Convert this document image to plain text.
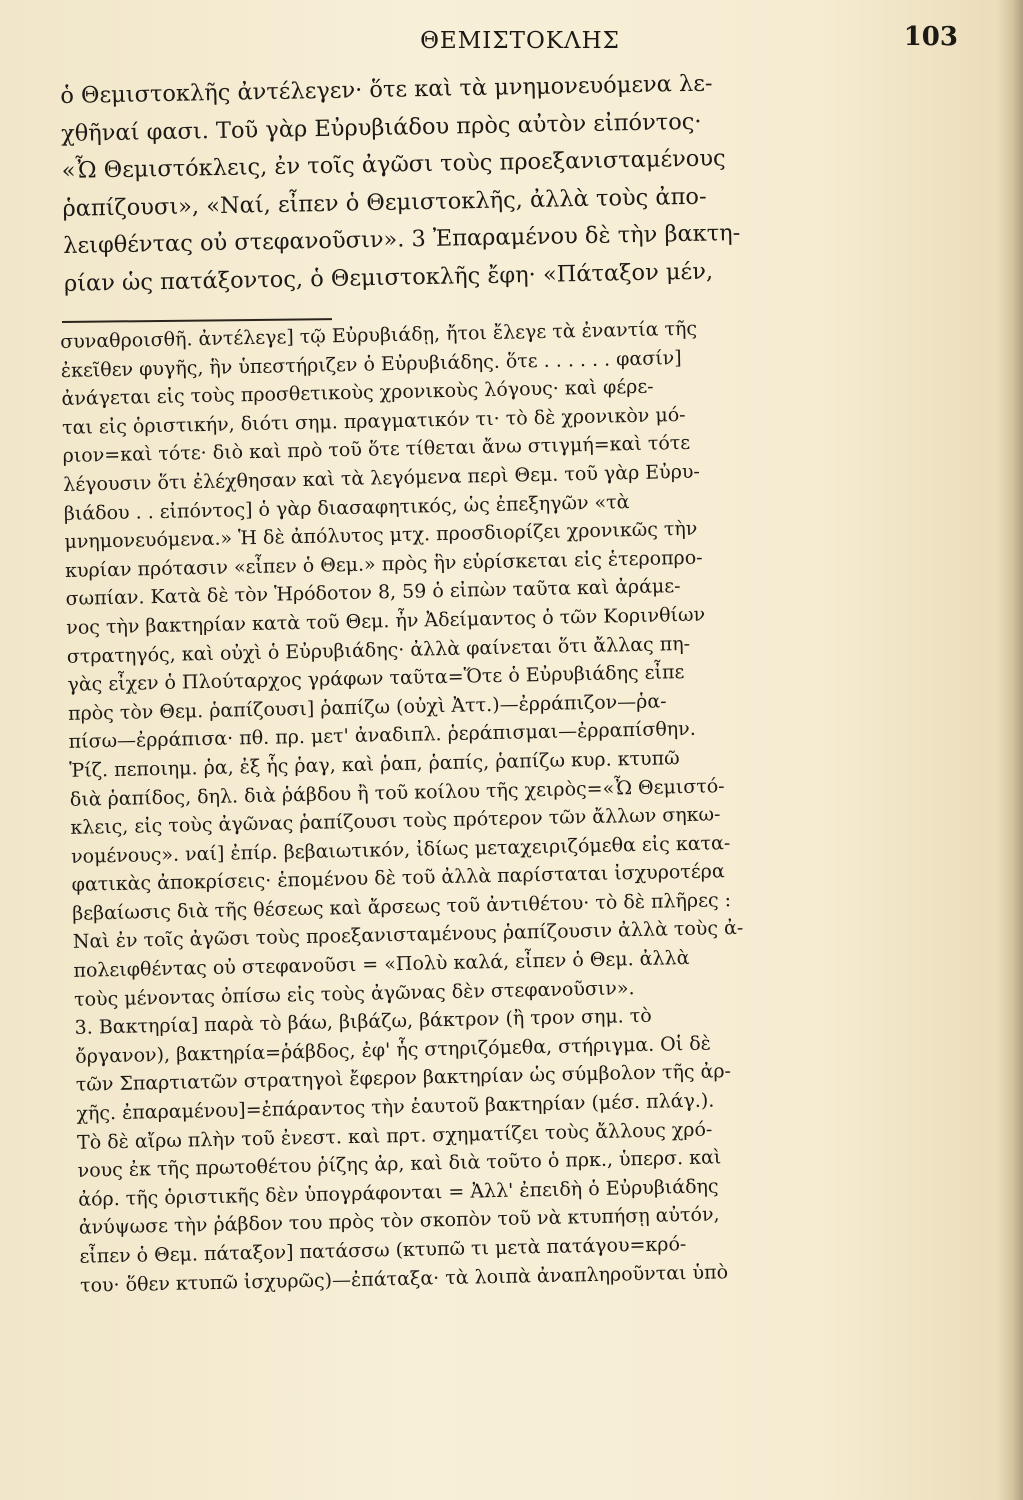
ΘΕΜΙΣΤΟΚΛΗΣ	103
ὁ Θεμιστοκλῆς ἀντέλεγεν· ὅτε καὶ τὰ μνημονευόμενα λε-
χθῆναί φασι. Τοῦ γὰρ Εὐρυβιάδου πρὸς αὐτὸν εἰπόντος·
«Ὦ Θεμιστόκλεις, ἐν τοῖς ἀγῶσι τοὺς προεξανισταμένους
ῥαπίζουσι», «Ναί, εἶπεν ὁ Θεμιστοκλῆς, ἀλλὰ τοὺς ἀπο-
λειφθέντας οὐ στεφανοῦσιν». 3 Ἐπαραμένου δὲ τὴν βακτη-
ρίαν ὡς πατάξοντος, ὁ Θεμιστοκλῆς ἔφη· «Πάταξον μέν,
συναθροισθῆ. ἀντέλεγε] τῷ Εὐρυβιάδῃ, ἤτοι ἔλεγε τὰ ἐναντία τῆς
ἐκεῖθεν φυγῆς, ἣν ὑπεστήριζεν ὁ Εὐρυβιάδης. ὅτε . . . . . . φασίν]
ἀνάγεται εἰς τοὺς προσθετικοὺς χρονικοὺς λόγους· καὶ φέρε-
ται εἰς ὁριστικήν, διότι σημ. πραγματικόν τι· τὸ δὲ χρονικὸν μό-
ριον=καὶ τότε· διὸ καὶ πρὸ τοῦ ὅτε τίθεται ἄνω στιγμή=καὶ τότε
λέγουσιν ὅτι ἐλέχθησαν καὶ τὰ λεγόμενα περὶ Θεμ. τοῦ γὰρ Εὐρυ-
βιάδου . . εἰπόντος] ὁ γὰρ διασαφητικός, ὡς ἐπεξηγῶν «τὰ
μνημονευόμενα.» Ἡ δὲ ἀπόλυτος μτχ. προσδιορίζει χρονικῶς τὴν
κυρίαν πρότασιν «εἶπεν ὁ Θεμ.» πρὸς ἣν εὑρίσκεται εἰς ἑτεροπρο-
σωπίαν. Κατὰ δὲ τὸν Ἡρόδοτον 8, 59 ὁ εἰπὼν ταῦτα καὶ ἀράμε-
νος τὴν βακτηρίαν κατὰ τοῦ Θεμ. ἦν Ἀδείμαντος ὁ τῶν Κορινθίων
στρατηγός, καὶ οὐχὶ ὁ Εὐρυβιάδης· ἀλλὰ φαίνεται ὅτι ἄλλας πη-
γὰς εἶχεν ὁ Πλούταρχος γράφων ταῦτα=Ὅτε ὁ Εὐρυβιάδης εἶπε
πρὸς τὸν Θεμ. ῥαπίζουσι] ῥαπίζω (οὐχὶ Ἀττ.)—ἐρράπιζον—ῥα-
πίσω—ἐρράπισα· πθ. πρ. μετ' ἀναδιπλ. ῥεράπισμαι—ἐρραπίσθην.
Ῥίζ. πεποιημ. ῥα, ἐξ ἧς ῥαγ, καὶ ῥαπ, ῥαπίς, ῥαπίζω κυρ. κτυπῶ
διὰ ῥαπίδος, δηλ. διὰ ῥάβδου ἢ τοῦ κοίλου τῆς χειρὸς=«Ὦ Θεμιστό-
κλεις, εἰς τοὺς ἀγῶνας ῥαπίζουσι τοὺς πρότερον τῶν ἄλλων σηκω-
νομένους». ναί] ἐπίρ. βεβαιωτικόν, ἰδίως μεταχειριζόμεθα εἰς κατα-
φατικὰς ἀποκρίσεις· ἑπομένου δὲ τοῦ ἀλλὰ παρίσταται ἰσχυροτέρα
βεβαίωσις διὰ τῆς θέσεως καὶ ἄρσεως τοῦ ἀντιθέτου· τὸ δὲ πλῆρες :
Ναὶ ἐν τοῖς ἀγῶσι τοὺς προεξανισταμένους ῥαπίζουσιν ἀλλὰ τοὺς ἀ-
πολειφθέντας οὐ στεφανοῦσι = «Πολὺ καλά, εἶπεν ὁ Θεμ. ἀλλὰ
τοὺς μένοντας ὀπίσω εἰς τοὺς ἀγῶνας δὲν στεφανοῦσιν».
3. Βακτηρία] παρὰ τὸ βάω, βιβάζω, βάκτρον (ἢ τρον σημ. τὸ
ὄργανον), βακτηρία=ῥάβδος, ἐφ' ἧς στηριζόμεθα, στήριγμα. Οἱ δὲ
τῶν Σπαρτιατῶν στρατηγοὶ ἔφερον βακτηρίαν ὡς σύμβολον τῆς ἀρ-
χῆς. ἐπαραμένου]=ἐπάραντος τὴν ἑαυτοῦ βακτηρίαν (μέσ. πλάγ.).
Τὸ δὲ αἴρω πλὴν τοῦ ἐνεστ. καὶ πρτ. σχηματίζει τοὺς ἄλλους χρό-
νους ἐκ τῆς πρωτοθέτου ῥίζης ἀρ, καὶ διὰ τοῦτο ὁ πρκ., ὑπερσ. καὶ
ἀόρ. τῆς ὁριστικῆς δὲν ὑπογράφονται = Ἀλλ' ἐπειδὴ ὁ Εὐρυβιάδης
ἀνύψωσε τὴν ῥάβδον του πρὸς τὸν σκοπὸν τοῦ νὰ κτυπήσῃ αὐτόν,
εἶπεν ὁ Θεμ. πάταξον] πατάσσω (κτυπῶ τι μετὰ πατάγου=κρό-
του· ὅθεν κτυπῶ ἰσχυρῶς)—ἐπάταξα· τὰ λοιπὰ ἀναπληροῦνται ὑπὸ
